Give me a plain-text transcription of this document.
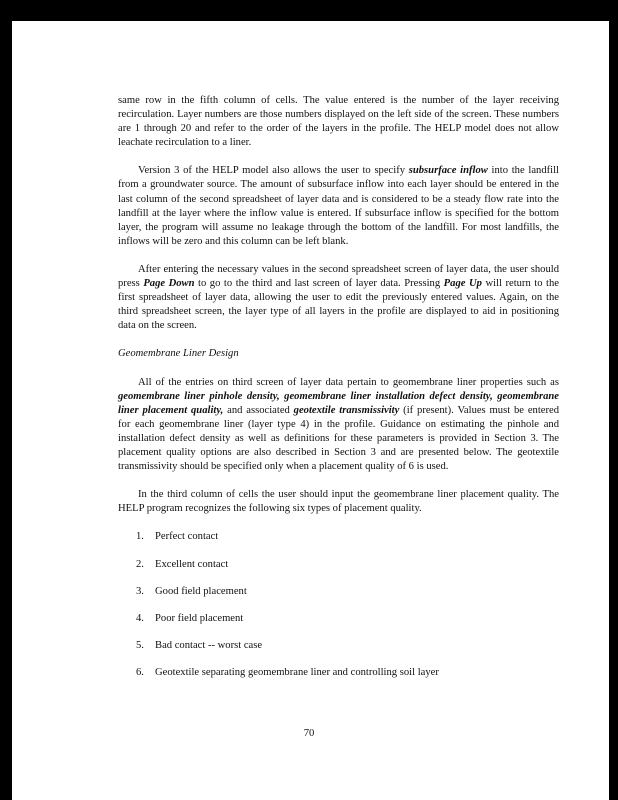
same row in the fifth column of cells. The value entered is the number of the layer receiving recirculation. Layer numbers are those numbers displayed on the left side of the screen. These numbers are 1 through 20 and refer to the order of the layers in the profile. The HELP model does not allow leachate recirculation to a liner.

Version 3 of the HELP model also allows the user to specify subsurface inflow into the landfill from a groundwater source. The amount of subsurface inflow into each layer should be entered in the last column of the second spreadsheet of layer data and is considered to be a steady flow rate into the landfill at the layer where the inflow value is entered. If subsurface inflow is specified for the bottom layer, the program will assume no leakage through the bottom of the landfill. For most landfills, the inflows will be zero and this column can be left blank.

After entering the necessary values in the second spreadsheet screen of layer data, the user should press Page Down to go to the third and last screen of layer data. Pressing Page Up will return to the first spreadsheet of layer data, allowing the user to edit the previously entered values. Again, on the third spreadsheet screen, the layer type of all layers in the profile are displayed to aid in positioning data on the screen.

Geomembrane Liner Design

All of the entries on third screen of layer data pertain to geomembrane liner properties such as geomembrane liner pinhole density, geomembrane liner installation defect density, geomembrane liner placement quality, and associated geotextile transmissivity (if present). Values must be entered for each geomembrane liner (layer type 4) in the profile. Guidance on estimating the pinhole and installation defect density as well as definitions for these parameters is provided in Section 3. The placement quality options are also described in Section 3 and are presented below. The geotextile transmissivity should be specified only when a placement quality of 6 is used.

In the third column of cells the user should input the geomembrane liner placement quality. The HELP program recognizes the following six types of placement quality.

1. Perfect contact
2. Excellent contact
3. Good field placement
4. Poor field placement
5. Bad contact -- worst case
6. Geotextile separating geomembrane liner and controlling soil layer
70
